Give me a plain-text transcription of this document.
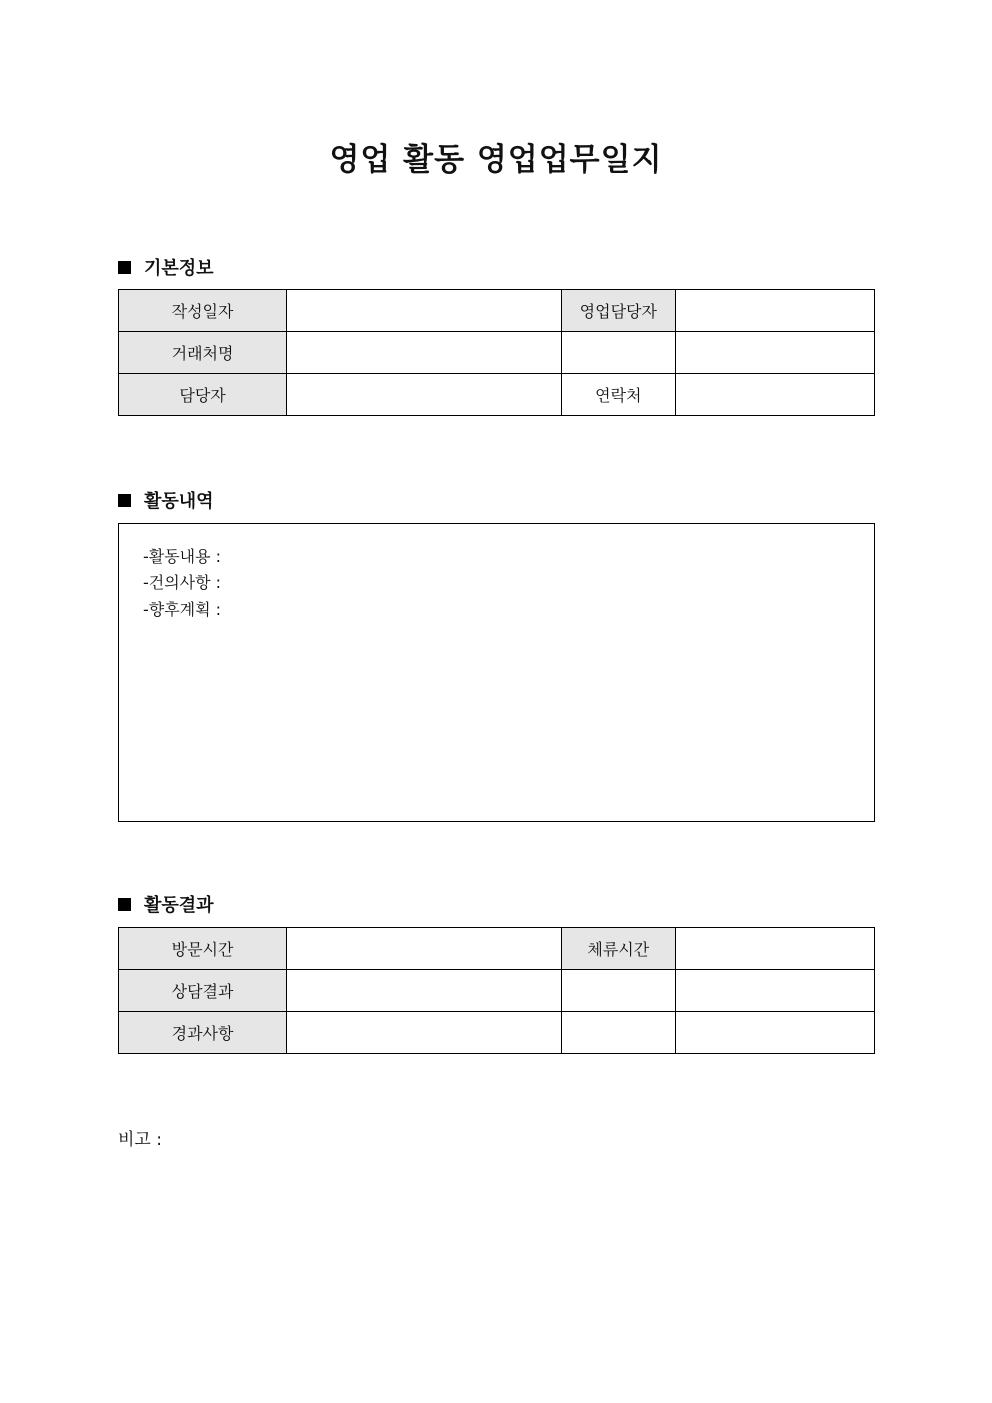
영업 활동 영업업무일지
기본정보
작성일자		영업담당자	
거래처명			
담당자		연락처	
활동내역
-활동내용 :
-건의사항 :
-향후계획 :
활동결과
방문시간		체류시간	
상담결과			
경과사항			
비고 :
